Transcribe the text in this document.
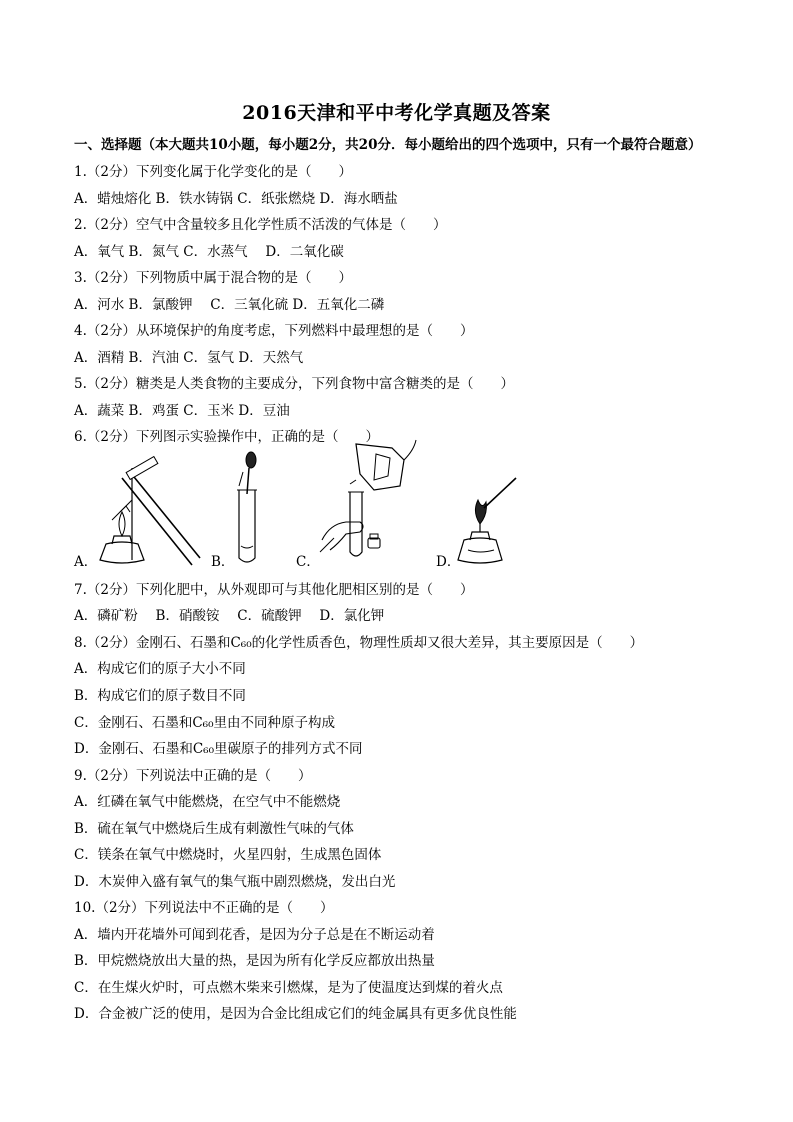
2016天津和平中考化学真题及答案
一、选择题（本大题共10小题，每小题2分，共20分．每小题给出的四个选项中，只有一个最符合题意）
1.（2分）下列变化属于化学变化的是（　　）
A．蜡烛熔化 B．铁水铸锅 C．纸张燃烧 D．海水晒盐
2.（2分）空气中含量较多且化学性质不活泼的气体是（　　）
A．氧气 B．氮气 C．水蒸气　 D．二氧化碳
3.（2分）下列物质中属于混合物的是（　　）
A．河水 B．氯酸钾　 C．三氧化硫 D．五氧化二磷
4.（2分）从环境保护的角度考虑，下列燃料中最理想的是（　　）
A．酒精 B．汽油 C．氢气 D．天然气
5.（2分）糖类是人类食物的主要成分，下列食物中富含糖类的是（　　）
A．蔬菜 B．鸡蛋 C．玉米 D．豆油
6.（2分）下列图示实验操作中，正确的是（　　）
A．	B．	C．	D．
7.（2分）下列化肥中，从外观即可与其他化肥相区别的是（　　）
A．磷矿粉　 B．硝酸铵　 C．硫酸钾　 D．氯化钾
8.（2分）金刚石、石墨和C₆₀的化学性质香色，物理性质却又很大差异，其主要原因是（　　）
A．构成它们的原子大小不同
B．构成它们的原子数目不同
C．金刚石、石墨和C₆₀里由不同种原子构成
D．金刚石、石墨和C₆₀里碳原子的排列方式不同
9.（2分）下列说法中正确的是（　　）
A．红磷在氧气中能燃烧，在空气中不能燃烧
B．硫在氧气中燃烧后生成有刺激性气味的气体
C．镁条在氧气中燃烧时，火星四射，生成黑色固体
D．木炭伸入盛有氧气的集气瓶中剧烈燃烧，发出白光
10.（2分）下列说法中不正确的是（　　）
A．墙内开花墙外可闻到花香，是因为分子总是在不断运动着
B．甲烷燃烧放出大量的热，是因为所有化学反应都放出热量
C．在生煤火炉时，可点燃木柴来引燃煤，是为了使温度达到煤的着火点
D．合金被广泛的使用，是因为合金比组成它们的纯金属具有更多优良性能
